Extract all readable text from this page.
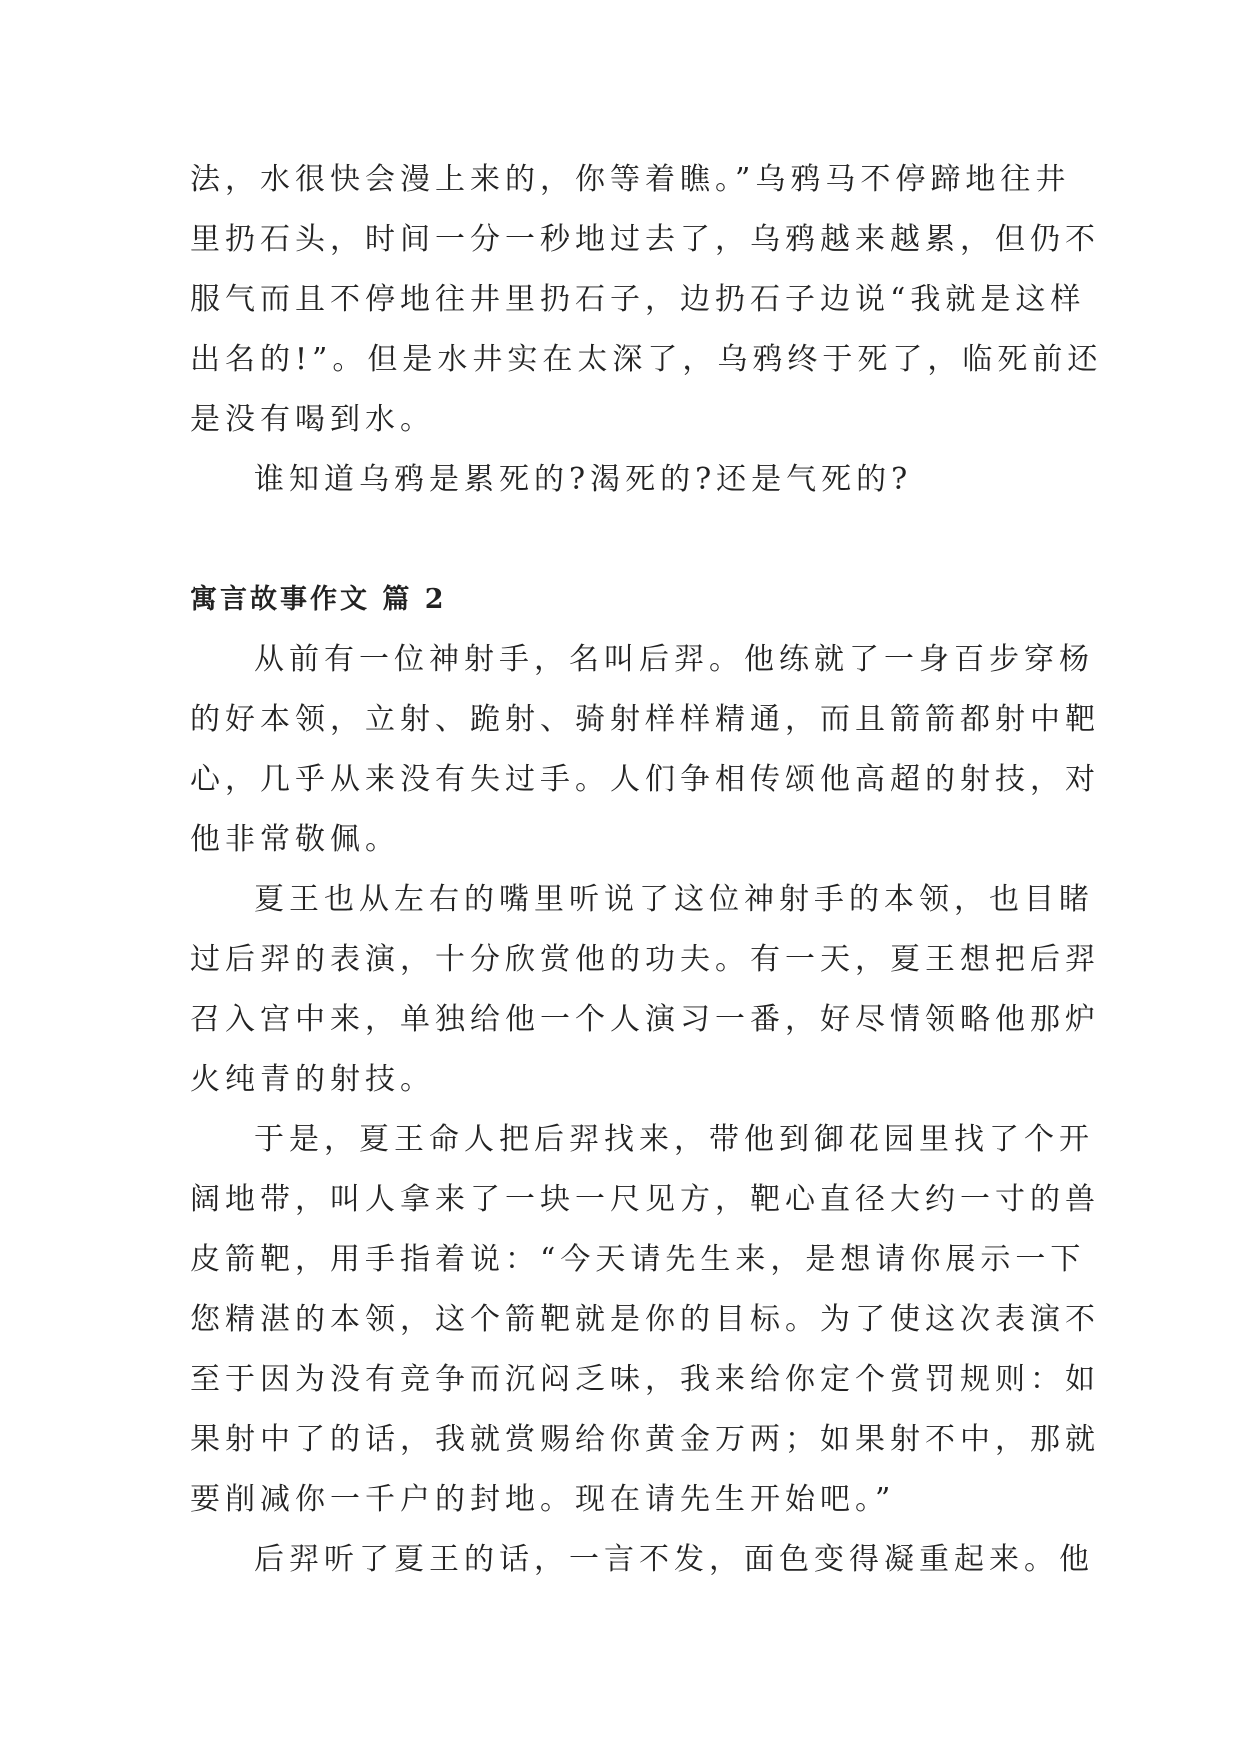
法，水很快会漫上来的，你等着瞧。”乌鸦马不停蹄地往井
里扔石头，时间一分一秒地过去了，乌鸦越来越累，但仍不
服气而且不停地往井里扔石子，边扔石子边说“我就是这样
出名的!”。但是水井实在太深了，乌鸦终于死了，临死前还
是没有喝到水。

谁知道乌鸦是累死的?渴死的?还是气死的?

寓言故事作文 篇 2

从前有一位神射手，名叫后羿。他练就了一身百步穿杨
的好本领，立射、跪射、骑射样样精通，而且箭箭都射中靶
心，几乎从来没有失过手。人们争相传颂他高超的射技，对
他非常敬佩。

夏王也从左右的嘴里听说了这位神射手的本领，也目睹
过后羿的表演，十分欣赏他的功夫。有一天，夏王想把后羿
召入宫中来，单独给他一个人演习一番，好尽情领略他那炉
火纯青的射技。

于是，夏王命人把后羿找来，带他到御花园里找了个开
阔地带，叫人拿来了一块一尺见方，靶心直径大约一寸的兽
皮箭靶，用手指着说：“今天请先生来，是想请你展示一下
您精湛的本领，这个箭靶就是你的目标。为了使这次表演不
至于因为没有竞争而沉闷乏味，我来给你定个赏罚规则：如
果射中了的话，我就赏赐给你黄金万两；如果射不中，那就
要削减你一千户的封地。现在请先生开始吧。”

后羿听了夏王的话，一言不发，面色变得凝重起来。他
